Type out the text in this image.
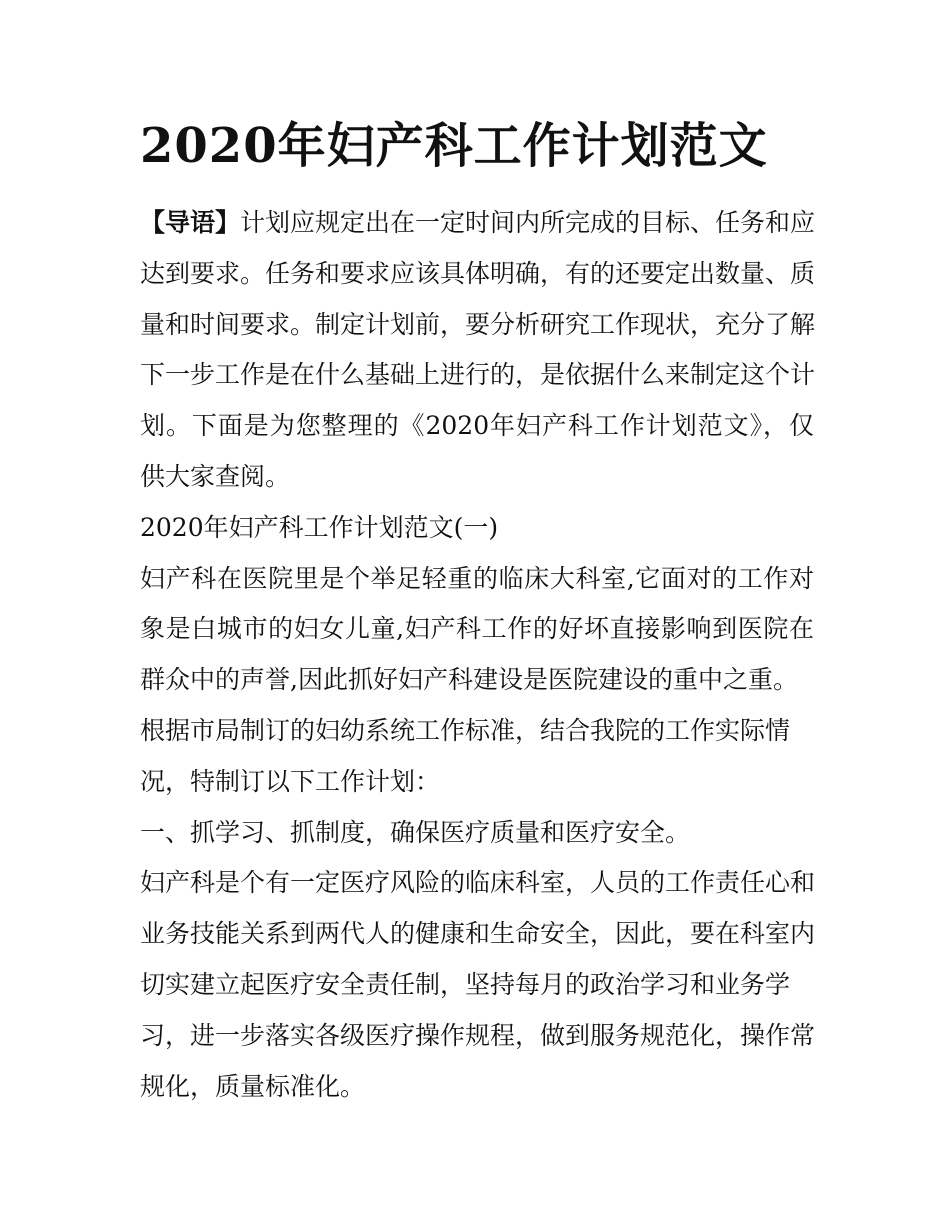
2020年妇产科工作计划范文
【导语】计划应规定出在一定时间内所完成的目标、任务和应
达到要求。任务和要求应该具体明确，有的还要定出数量、质
量和时间要求。制定计划前，要分析研究工作现状，充分了解
下一步工作是在什么基础上进行的，是依据什么来制定这个计
划。下面是为您整理的《2020年妇产科工作计划范文》，仅
供大家查阅。
2020年妇产科工作计划范文(一)
妇产科在医院里是个举足轻重的临床大科室,它面对的工作对
象是白城市的妇女儿童,妇产科工作的好坏直接影响到医院在
群众中的声誉,因此抓好妇产科建设是医院建设的重中之重。
根据市局制订的妇幼系统工作标准，结合我院的工作实际情
况，特制订以下工作计划：
一、抓学习、抓制度，确保医疗质量和医疗安全。
妇产科是个有一定医疗风险的临床科室，人员的工作责任心和
业务技能关系到两代人的健康和生命安全，因此，要在科室内
切实建立起医疗安全责任制，坚持每月的政治学习和业务学
习，进一步落实各级医疗操作规程，做到服务规范化，操作常
规化，质量标准化。
